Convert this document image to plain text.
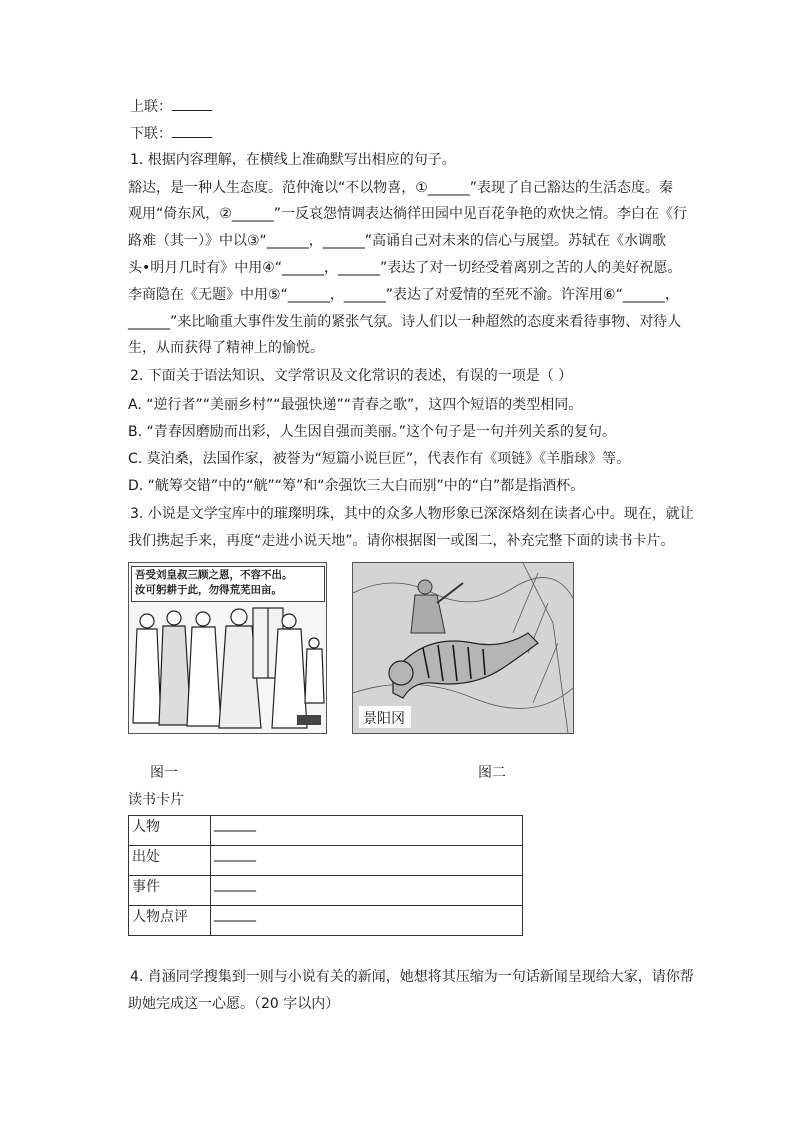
上联：
下联：
1. 根据内容理解，在横线上准确默写出相应的句子。
豁达，是一种人生态度。范仲淹以“不以物喜，①______”表现了自己豁达的生活态度。秦
观用“倚东风，②______”一反哀怨情调表达徜徉田园中见百花争艳的欢快之情。李白在《行
路难（其一）》中以③“______，______”高诵自己对未来的信心与展望。苏轼在《水调歌
头•明月几时有》中用④“______，______”表达了对一切经受着离别之苦的人的美好祝愿。
李商隐在《无题》中用⑤“______，______”表达了对爱情的至死不渝。许浑用⑥“______，
______”来比喻重大事件发生前的紧张气氛。诗人们以一种超然的态度来看待事物、对待人
生，从而获得了精神上的愉悦。
2. 下面关于语法知识、文学常识及文化常识的表述，有误的一项是（ ）
A. “逆行者”“美丽乡村”“最强快递”“青春之歌”，这四个短语的类型相同。
B. “青春因磨励而出彩，人生因自强而美丽。”这个句子是一句并列关系的复句。
C. 莫泊桑，法国作家，被誉为“短篇小说巨匠”，代表作有《项链》《羊脂球》等。
D. “觥筹交错”中的“觥”“筹”和“余强饮三大白而别”中的“白”都是指酒杯。
3. 小说是文学宝库中的璀璨明珠，其中的众多人物形象已深深烙刻在读者心中。现在，就让
我们携起手来，再度“走进小说天地”。请你根据图一或图二，补充完整下面的读书卡片。
吾受刘皇叔三顾之恩，不容不出。
汝可躬耕于此，勿得荒芜田亩。
景阳冈
图一	图二
读书卡片
人物	______
出处	______
事件	______
人物点评	______
4. 肖涵同学搜集到一则与小说有关的新闻，她想将其压缩为一句话新闻呈现给大家，请你帮
助她完成这一心愿。（20 字以内）
